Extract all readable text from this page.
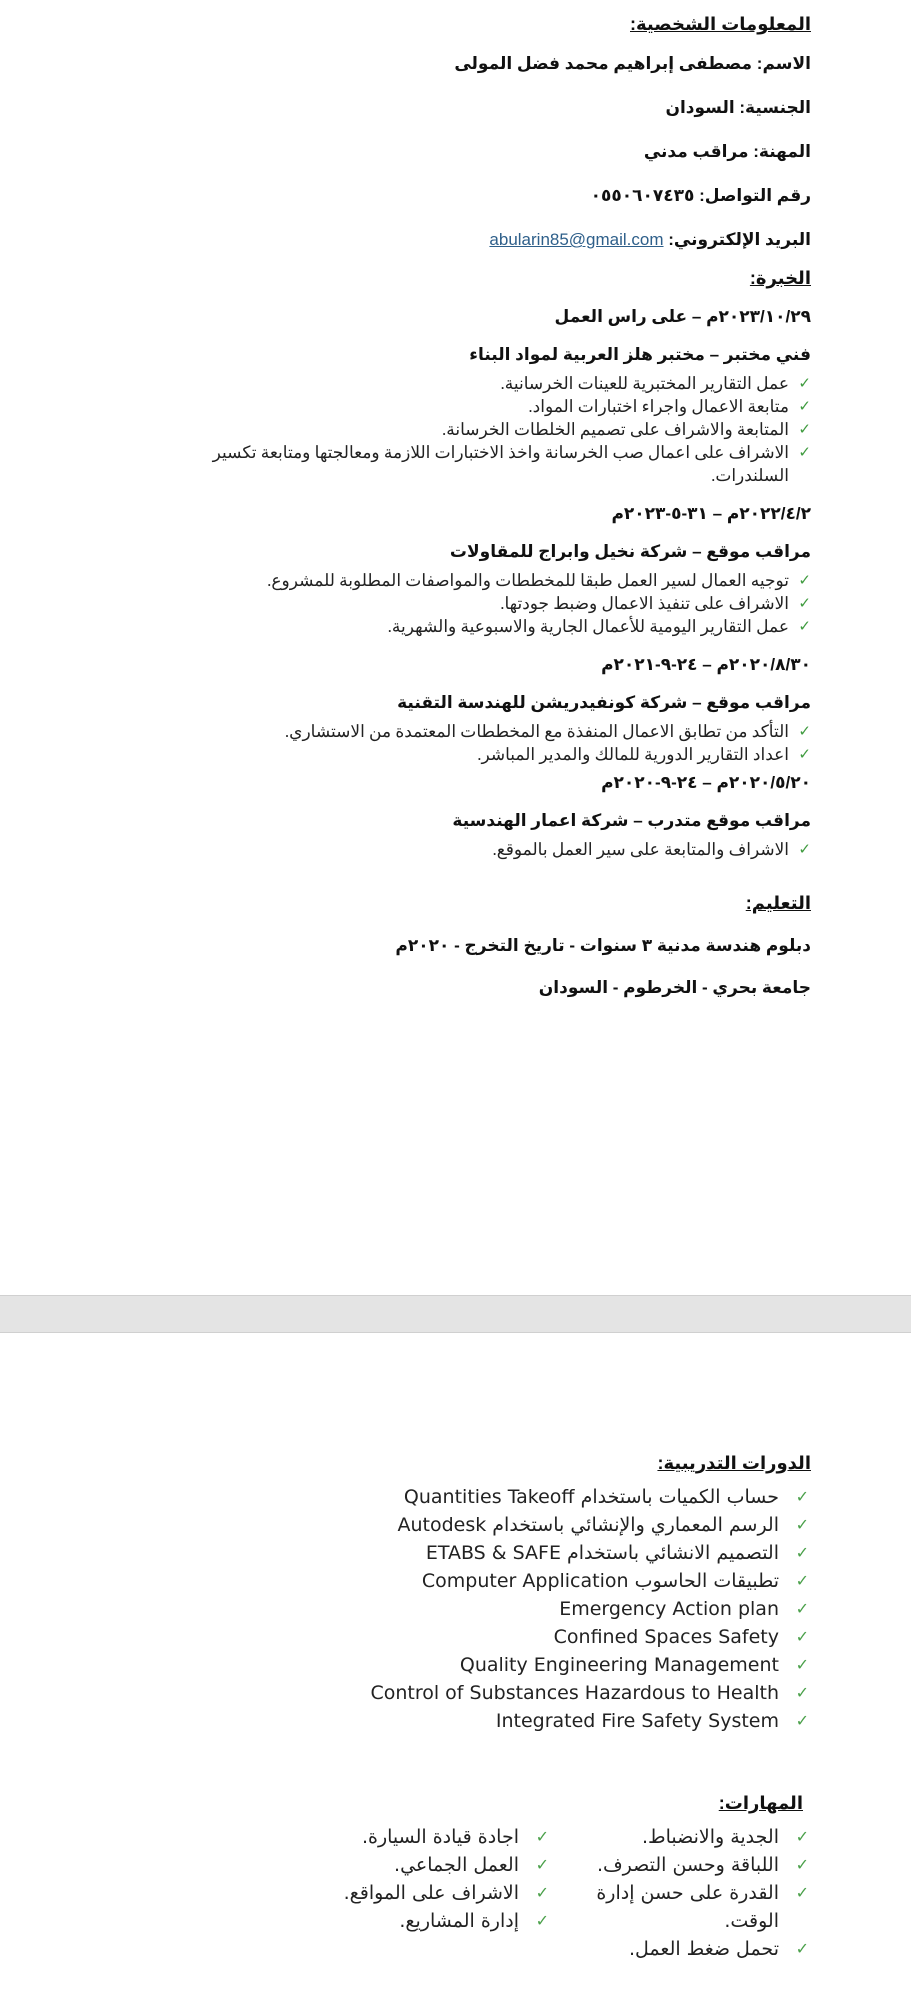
المعلومات الشخصية:
الاسم: مصطفى إبراهيم محمد فضل المولى
الجنسية: السودان
المهنة: مراقب مدني
رقم التواصل: ٠٥٥٠٦٠٧٤٣٥
البريد الإلكتروني: abularin85@gmail.com
الخبرة:
٢٠٢٣/١٠/٢٩م – على راس العمل
فني مختبر – مختبر هلز العربية لمواد البناء
✓
عمل التقارير المختبرية للعينات الخرسانية.
✓
متابعة الاعمال واجراء اختبارات المواد.
✓
المتابعة والاشراف على تصميم الخلطات الخرسانة.
✓
الاشراف على اعمال صب الخرسانة واخذ الاختبارات اللازمة ومعالجتها ومتابعة تكسير السلندرات.
٢٠٢٢/٤/٢م – ٣١-٥-٢٠٢٣م
مراقب موقع – شركة نخيل وابراج للمقاولات
✓
توجيه العمال لسير العمل طبقا للمخططات والمواصفات المطلوبة للمشروع.
✓
الاشراف على تنفيذ الاعمال وضبط جودتها.
✓
عمل التقارير اليومية للأعمال الجارية والاسبوعية والشهرية.
٢٠٢٠/٨/٣٠م – ٢٤-٩-٢٠٢١م
مراقب موقع – شركة كونفيدريشن للهندسة التقنية
✓
التأكد من تطابق الاعمال المنفذة مع المخططات المعتمدة من الاستشاري.
✓
اعداد التقارير الدورية للمالك والمدير المباشر.
٢٠٢٠/٥/٢٠م – ٢٤-٩-٢٠٢٠م
مراقب موقع متدرب – شركة اعمار الهندسية
✓
الاشراف والمتابعة على سير العمل بالموقع.
التعليم:
دبلوم هندسة مدنية ٣ سنوات - تاريخ التخرج - ٢٠٢٠م
جامعة بحري - الخرطوم - السودان
الدورات التدريبية:
✓
حساب الكميات باستخدام Quantities Takeoff
✓
الرسم المعماري والإنشائي باستخدام Autodesk
✓
التصميم الانشائي باستخدام ETABS & SAFE
✓
تطبيقات الحاسوب Computer Application
✓
Emergency Action plan
✓
Confined Spaces Safety
✓
Quality Engineering Management
✓
Control of Substances Hazardous to Health
✓
Integrated Fire Safety System
المهارات:
✓
الجدية والانضباط.
✓
اللباقة وحسن التصرف.
✓
القدرة على حسن إدارة الوقت.
✓
تحمل ضغط العمل.
✓
اجادة قيادة السيارة.
✓
العمل الجماعي.
✓
الاشراف على المواقع.
✓
إدارة المشاريع.
